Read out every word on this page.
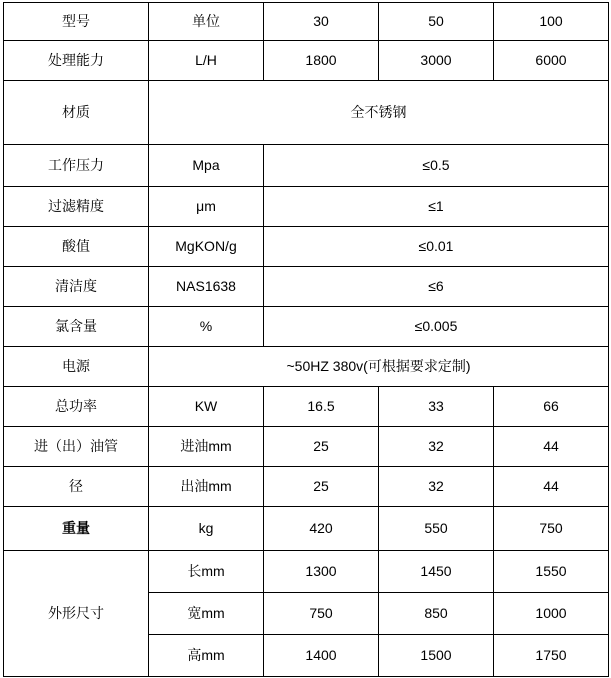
型号	单位	30	50	100
处理能力	L/H	1800	3000	6000
材质	全不锈钢			
工作压力	Mpa	≤0.5		
过滤精度	μm	≤1		
酸值	MgKON/g	≤0.01		
清洁度	NAS1638	≤6		
氯含量	%	≤0.005		
电源	~50HZ 380v(可根据要求定制)			
总功率	KW	16.5	33	66
进（出）油管	进油mm	25	32	44
径	出油mm	25	32	44
重量	kg	420	550	750
外形尺寸	长mm	1300	1450	1550
	宽mm	750	850	1000
	高mm	1400	1500	1750
